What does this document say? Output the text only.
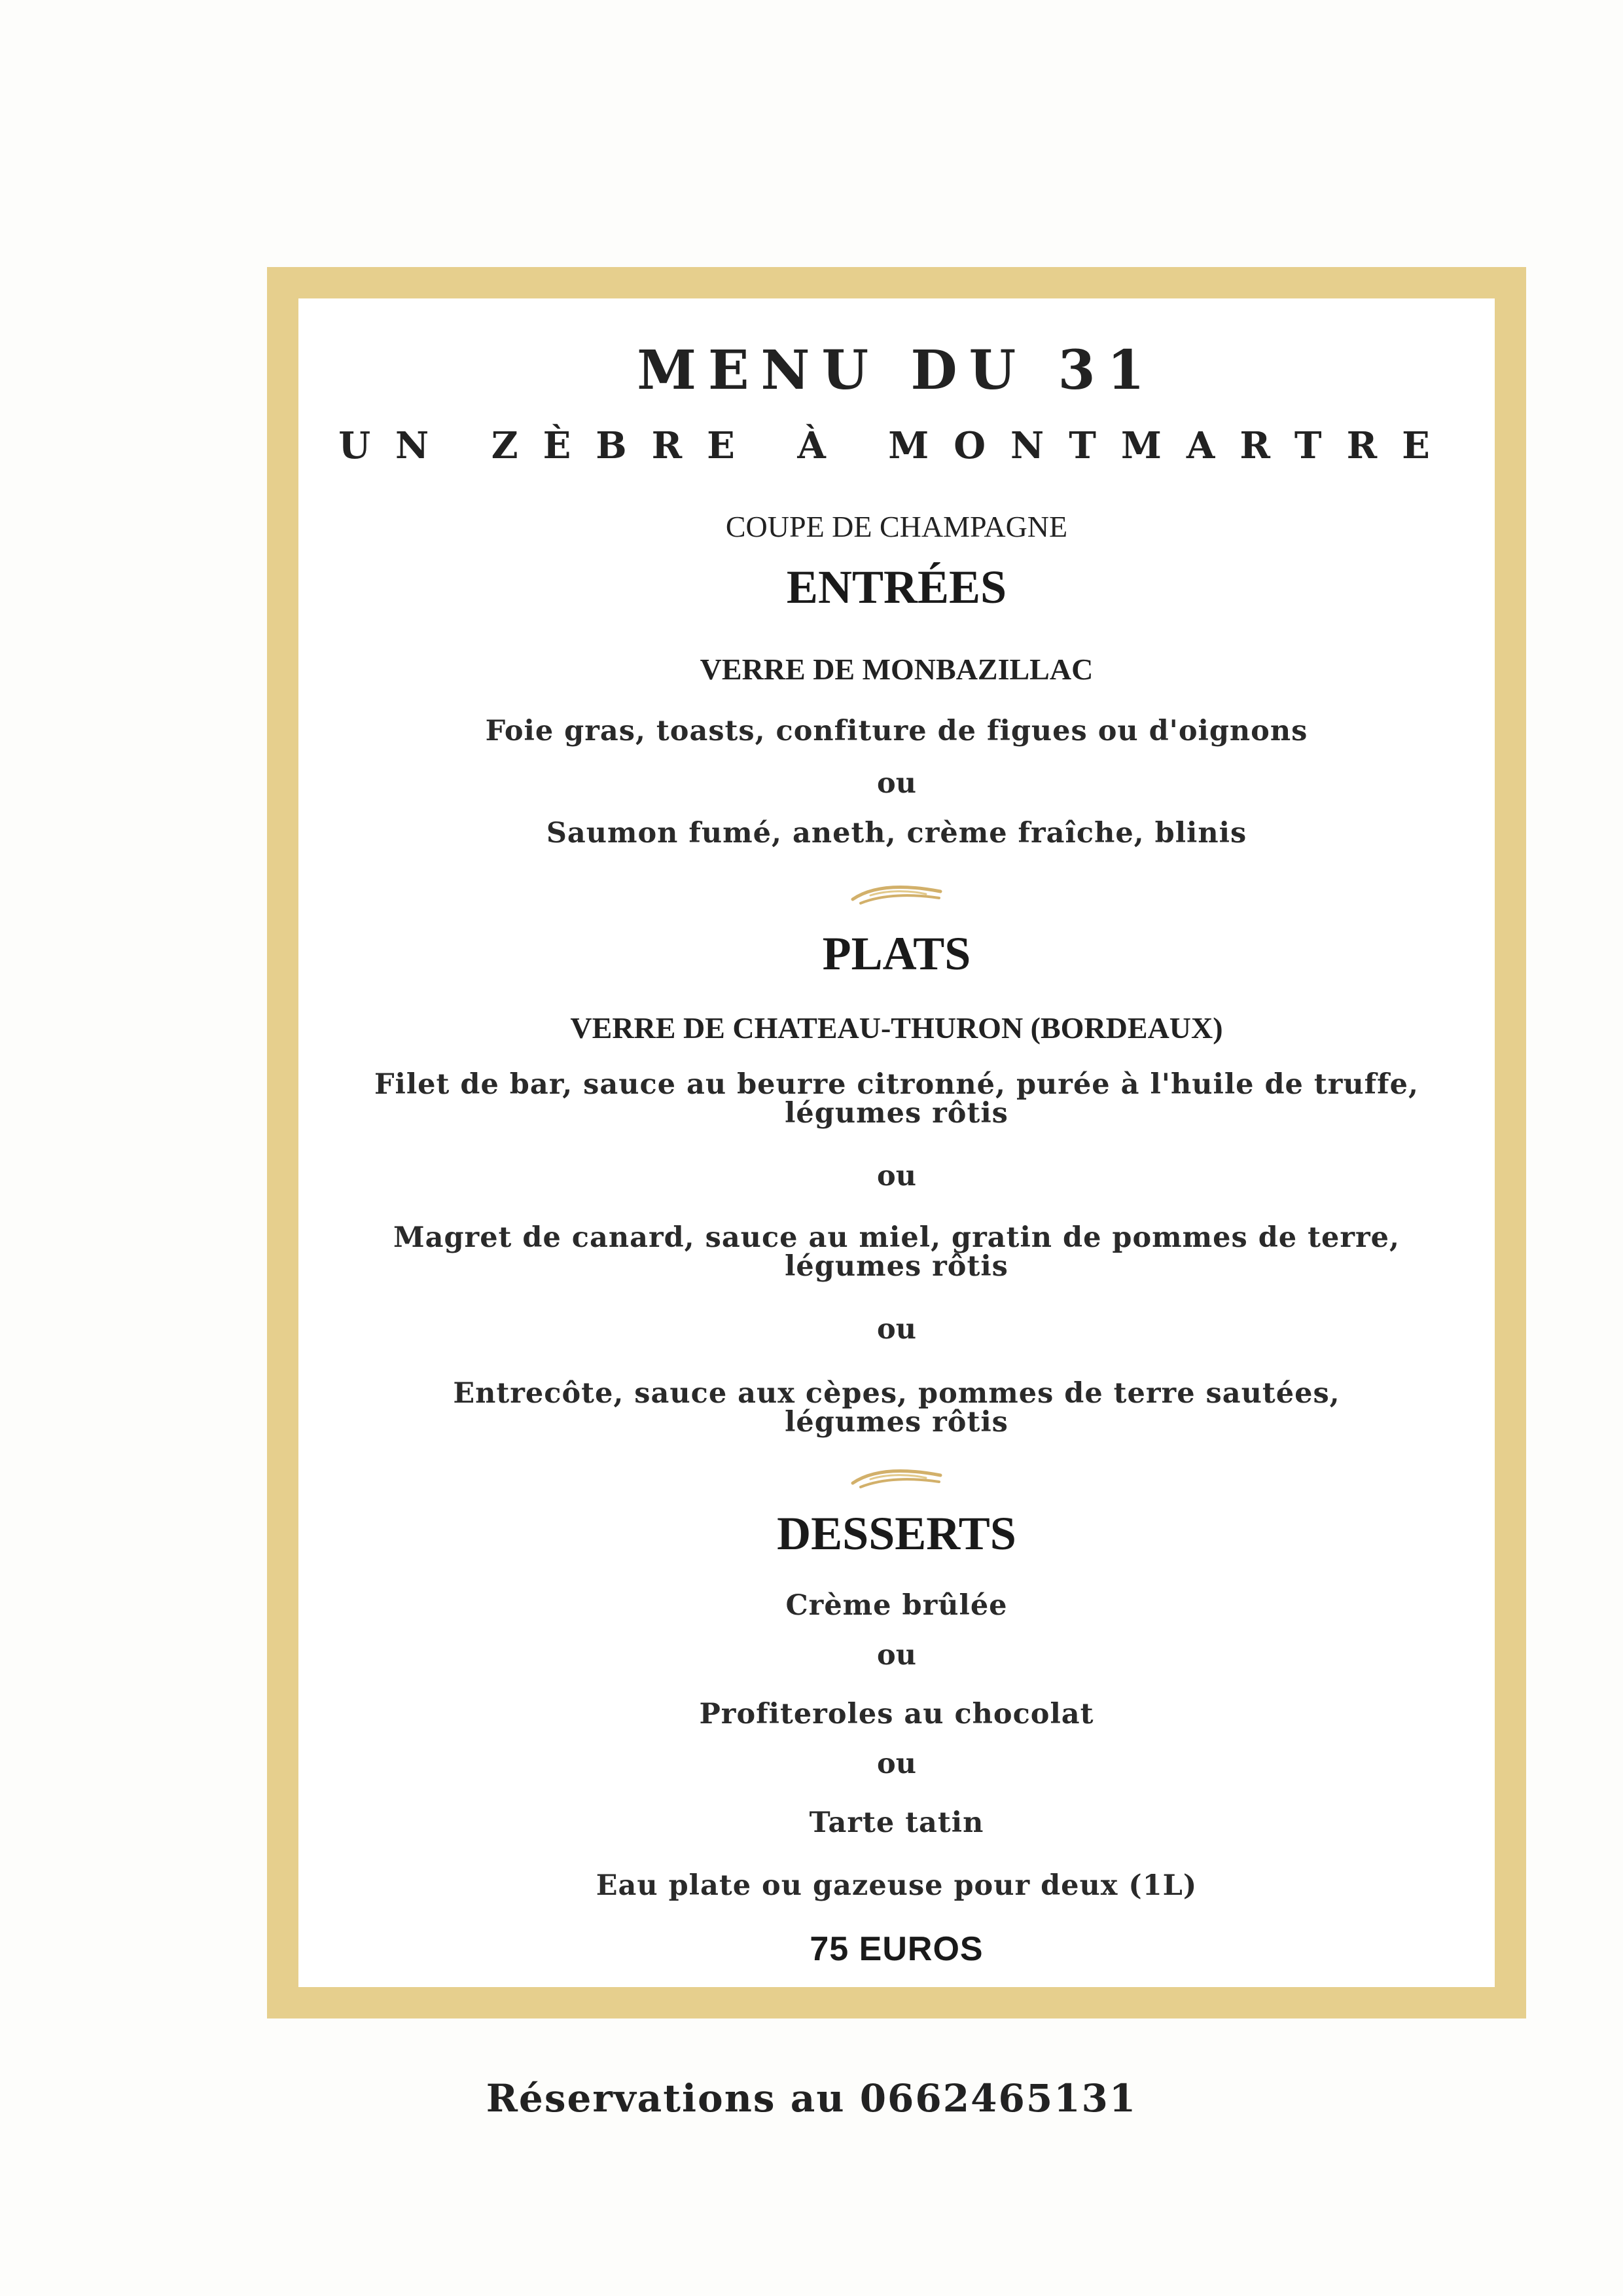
MENU DU 31
UN ZÈBRE À MONTMARTRE
COUPE DE CHAMPAGNE
ENTRÉES
VERRE DE MONBAZILLAC
Foie gras, toasts, confiture de figues ou d'oignons
ou
Saumon fumé, aneth, crème fraîche, blinis
PLATS
VERRE DE CHATEAU-THURON (BORDEAUX)
Filet de bar, sauce au beurre citronné, purée à l'huile de truffe,
légumes rôtis
ou
Magret de canard, sauce au miel, gratin de pommes de terre,
légumes rôtis
ou
Entrecôte, sauce aux cèpes, pommes de terre sautées,
légumes rôtis
DESSERTS
Crème brûlée
ou
Profiteroles au chocolat
ou
Tarte tatin
Eau plate ou gazeuse pour deux (1L)
75 EUROS
Réservations au 0662465131
